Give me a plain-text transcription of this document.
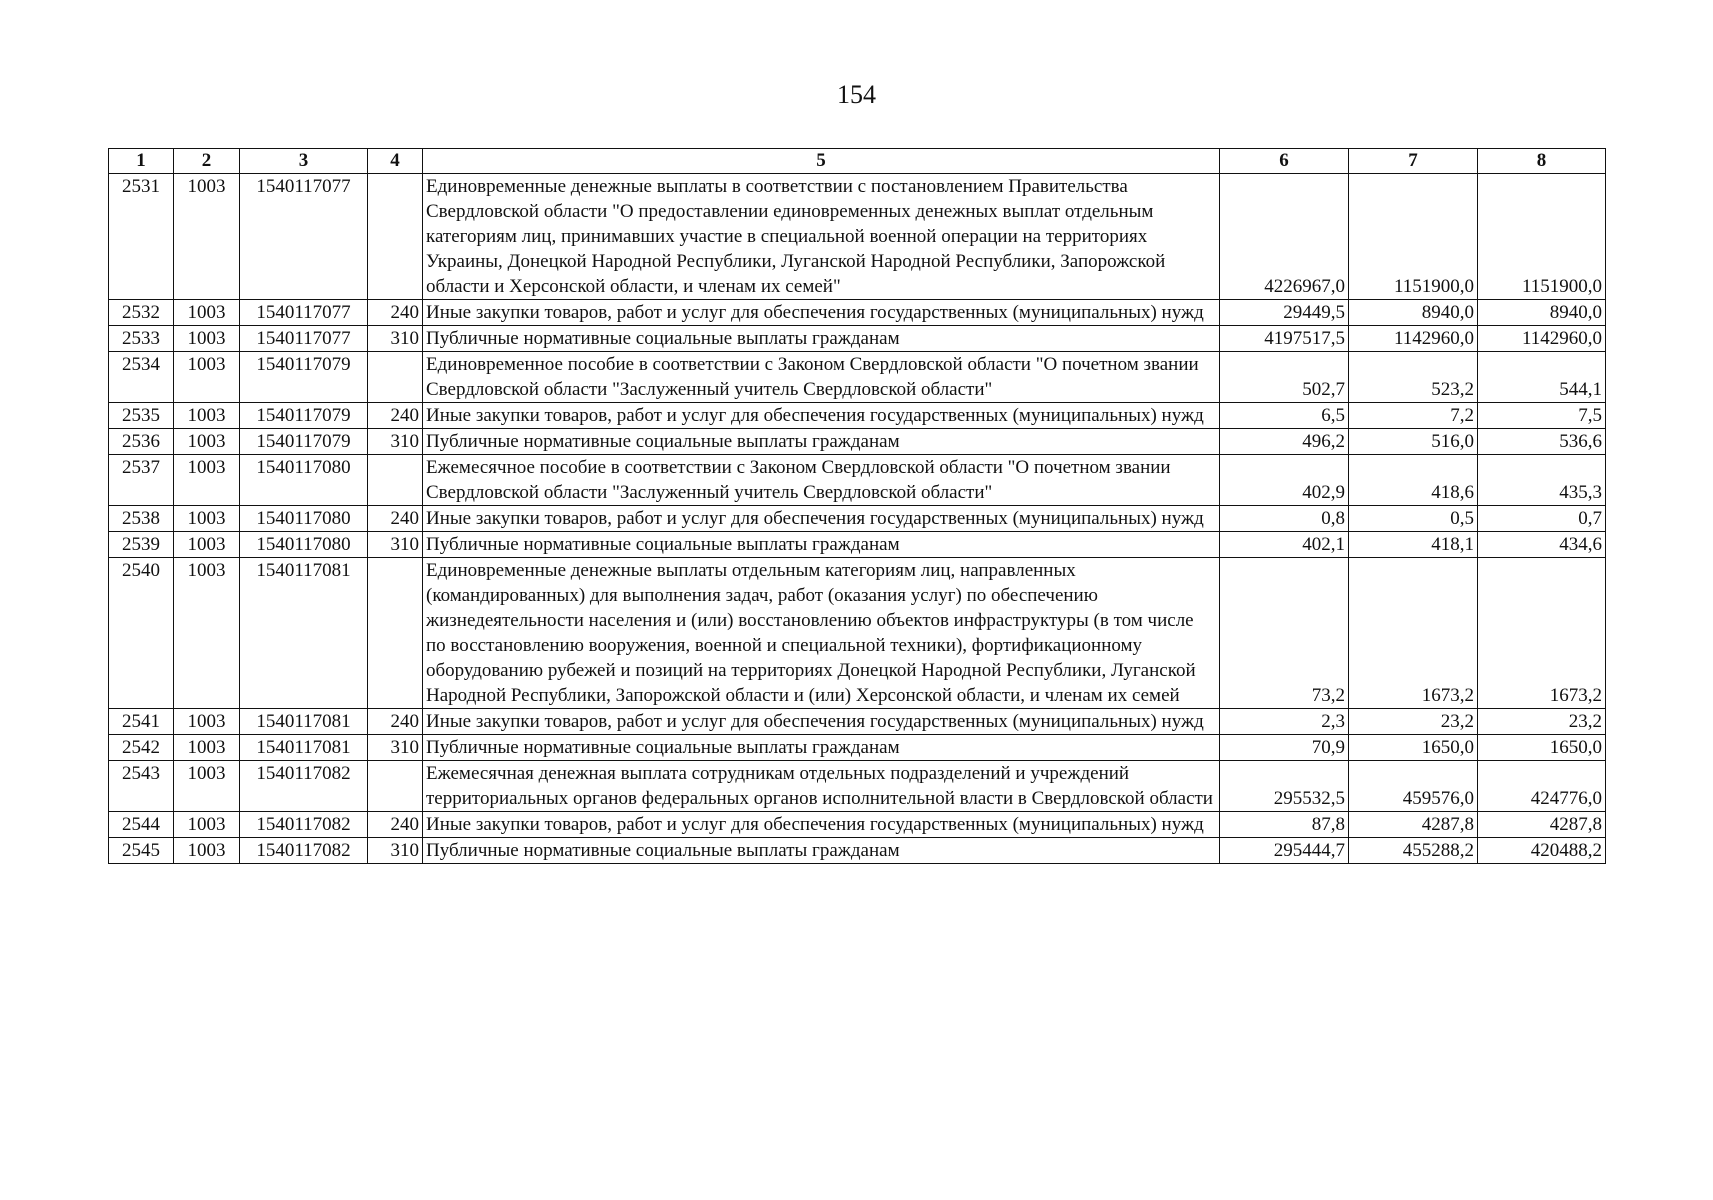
154
1	2	3	4	5	6	7	8
2531	1003	1540117077		Единовременные денежные выплаты в соответствии с постановлением Правительства Свердловской области "О предоставлении единовременных денежных выплат отдельным категориям лиц, принимавших участие в специальной военной операции на территориях Украины, Донецкой Народной Республики, Луганской Народной Республики, Запорожской области и Херсонской области, и членам их семей"	4226967,0	1151900,0	1151900,0
2532	1003	1540117077	240	Иные закупки товаров, работ и услуг для обеспечения государственных (муниципальных) нужд	29449,5	8940,0	8940,0
2533	1003	1540117077	310	Публичные нормативные социальные выплаты гражданам	4197517,5	1142960,0	1142960,0
2534	1003	1540117079		Единовременное пособие в соответствии с Законом Свердловской области "О почетном звании Свердловской области "Заслуженный учитель Свердловской области"	502,7	523,2	544,1
2535	1003	1540117079	240	Иные закупки товаров, работ и услуг для обеспечения государственных (муниципальных) нужд	6,5	7,2	7,5
2536	1003	1540117079	310	Публичные нормативные социальные выплаты гражданам	496,2	516,0	536,6
2537	1003	1540117080		Ежемесячное пособие в соответствии с Законом Свердловской области "О почетном звании Свердловской области "Заслуженный учитель Свердловской области"	402,9	418,6	435,3
2538	1003	1540117080	240	Иные закупки товаров, работ и услуг для обеспечения государственных (муниципальных) нужд	0,8	0,5	0,7
2539	1003	1540117080	310	Публичные нормативные социальные выплаты гражданам	402,1	418,1	434,6
2540	1003	1540117081		Единовременные денежные выплаты отдельным категориям лиц, направленных (командированных) для выполнения задач, работ (оказания услуг) по обеспечению жизнедеятельности населения и (или) восстановлению объектов инфраструктуры (в том числе по восстановлению вооружения, военной и специальной техники), фортификационному оборудованию рубежей и позиций на территориях Донецкой Народной Республики, Луганской Народной Республики, Запорожской области и (или) Херсонской области, и членам их семей	73,2	1673,2	1673,2
2541	1003	1540117081	240	Иные закупки товаров, работ и услуг для обеспечения государственных (муниципальных) нужд	2,3	23,2	23,2
2542	1003	1540117081	310	Публичные нормативные социальные выплаты гражданам	70,9	1650,0	1650,0
2543	1003	1540117082		Ежемесячная денежная выплата сотрудникам отдельных подразделений и учреждений территориальных органов федеральных органов исполнительной власти в Свердловской области	295532,5	459576,0	424776,0
2544	1003	1540117082	240	Иные закупки товаров, работ и услуг для обеспечения государственных (муниципальных) нужд	87,8	4287,8	4287,8
2545	1003	1540117082	310	Публичные нормативные социальные выплаты гражданам	295444,7	455288,2	420488,2
